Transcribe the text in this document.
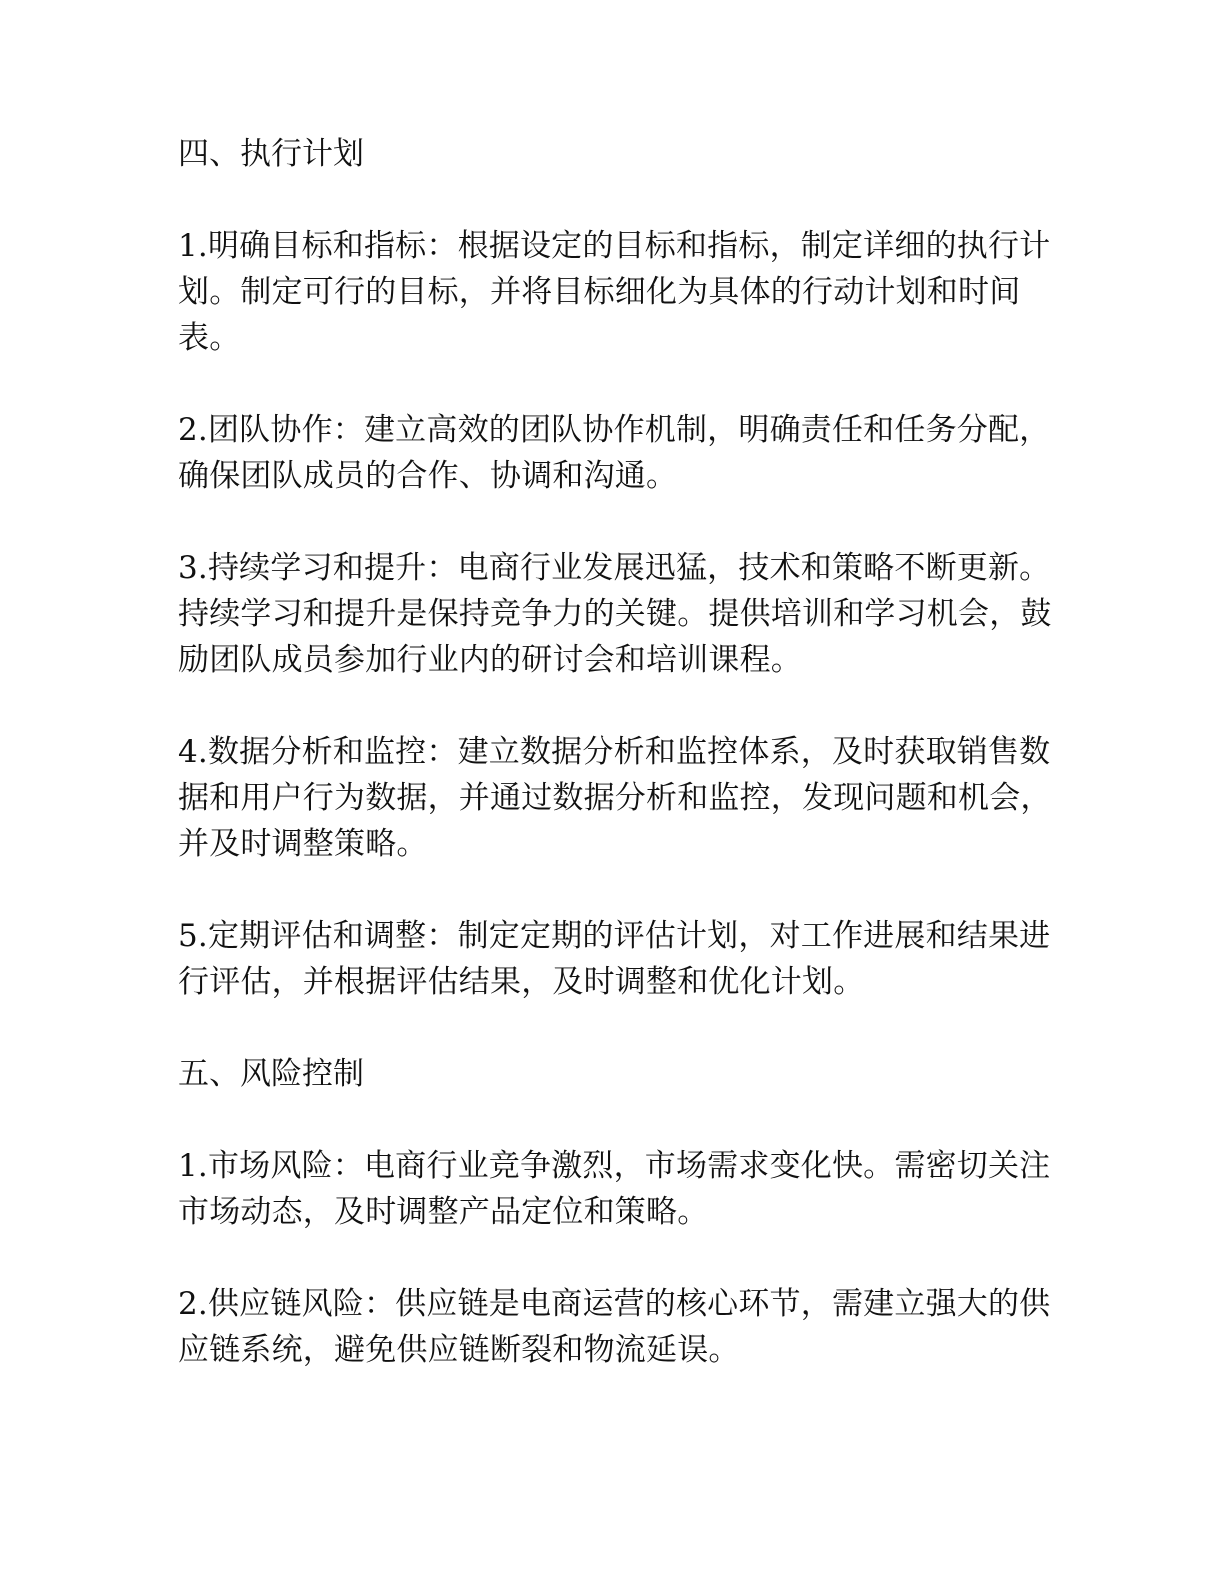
四、执行计划

1.明确目标和指标：根据设定的目标和指标，制定详细的执行计划。制定可行的目标，并将目标细化为具体的行动计划和时间表。

2.团队协作：建立高效的团队协作机制，明确责任和任务分配，确保团队成员的合作、协调和沟通。

3.持续学习和提升：电商行业发展迅猛，技术和策略不断更新。持续学习和提升是保持竞争力的关键。提供培训和学习机会，鼓励团队成员参加行业内的研讨会和培训课程。

4.数据分析和监控：建立数据分析和监控体系，及时获取销售数据和用户行为数据，并通过数据分析和监控，发现问题和机会，并及时调整策略。

5.定期评估和调整：制定定期的评估计划，对工作进展和结果进行评估，并根据评估结果，及时调整和优化计划。

五、风险控制

1.市场风险：电商行业竞争激烈，市场需求变化快。需密切关注市场动态，及时调整产品定位和策略。

2.供应链风险：供应链是电商运营的核心环节，需建立强大的供应链系统，避免供应链断裂和物流延误。
